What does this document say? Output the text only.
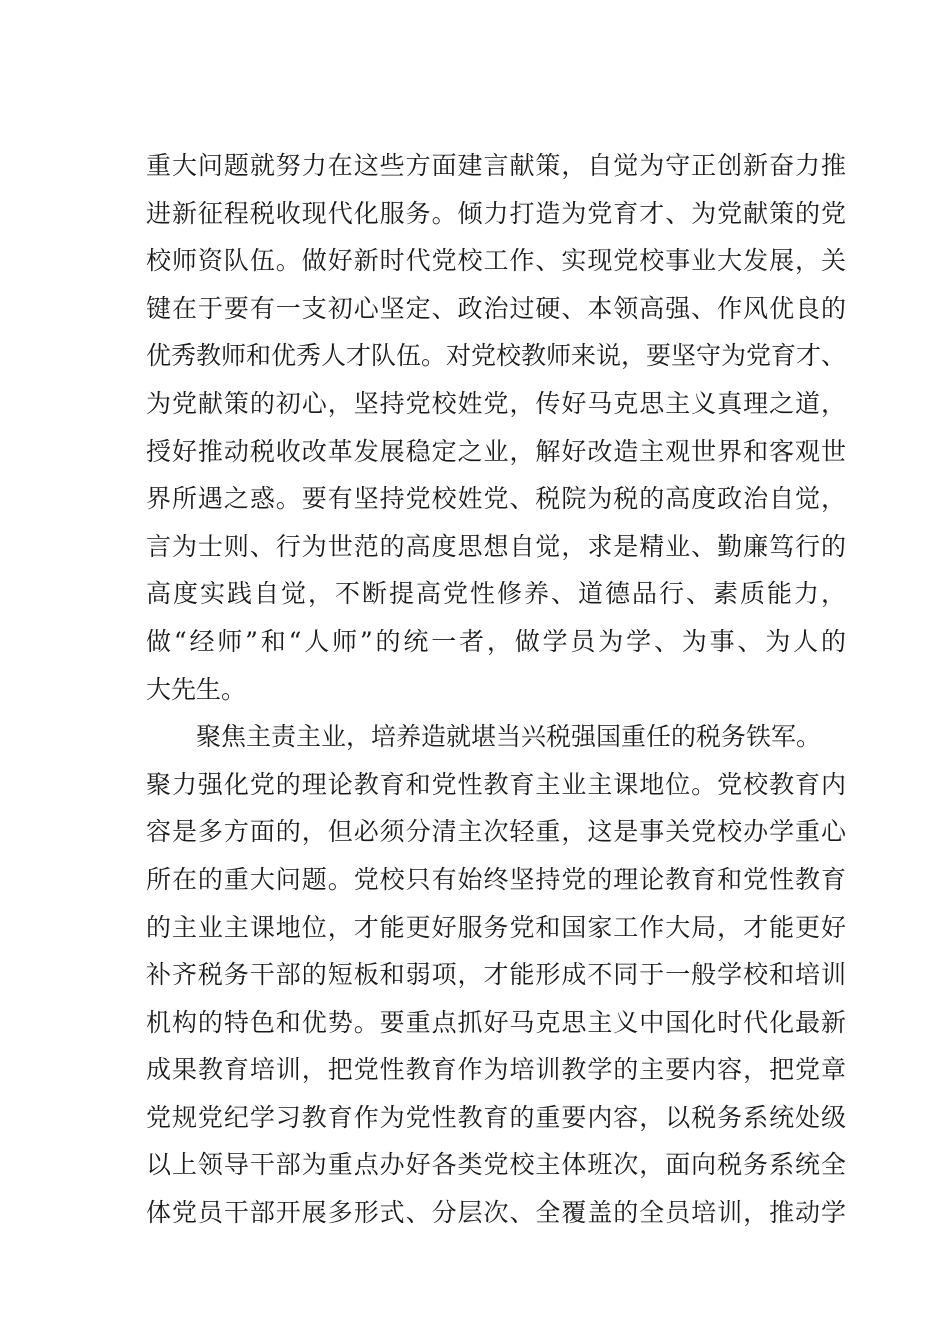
重大问题就努力在这些方面建言献策，自觉为守正创新奋力推
进新征程税收现代化服务。倾力打造为党育才、为党献策的党
校师资队伍。做好新时代党校工作、实现党校事业大发展，关
键在于要有一支初心坚定、政治过硬、本领高强、作风优良的
优秀教师和优秀人才队伍。对党校教师来说，要坚守为党育才、
为党献策的初心，坚持党校姓党，传好马克思主义真理之道，
授好推动税收改革发展稳定之业，解好改造主观世界和客观世
界所遇之惑。要有坚持党校姓党、税院为税的高度政治自觉，
言为士则、行为世范的高度思想自觉，求是精业、勤廉笃行的
高度实践自觉，不断提高党性修养、道德品行、素质能力，
做“经师”和“人师”的统一者，做学员为学、为事、为人的
大先生。
聚焦主责主业，培养造就堪当兴税强国重任的税务铁军。
聚力强化党的理论教育和党性教育主业主课地位。党校教育内
容是多方面的，但必须分清主次轻重，这是事关党校办学重心
所在的重大问题。党校只有始终坚持党的理论教育和党性教育
的主业主课地位，才能更好服务党和国家工作大局，才能更好
补齐税务干部的短板和弱项，才能形成不同于一般学校和培训
机构的特色和优势。要重点抓好马克思主义中国化时代化最新
成果教育培训，把党性教育作为培训教学的主要内容，把党章
党规党纪学习教育作为党性教育的重要内容，以税务系统处级
以上领导干部为重点办好各类党校主体班次，面向税务系统全
体党员干部开展多形式、分层次、全覆盖的全员培训，推动学
